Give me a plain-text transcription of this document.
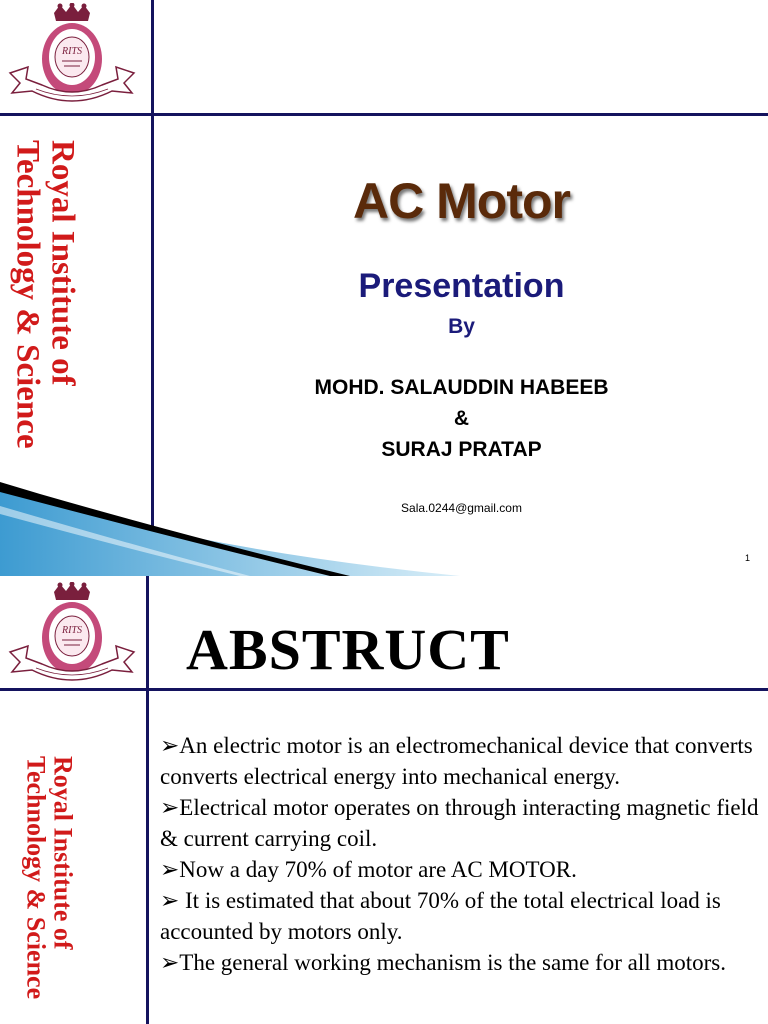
RITS
Royal Institute of
Technology & Science	AC Motor
Presentation
By
MOHD. SALAUDDIN HABEEB
&
SURAJ PRATAP
Sala.0244@gmail.com
1
RITS
Royal Institute of
Technology & Science
ABSTRUCT

➢An electric motor is an electromechanical device that converts converts electrical energy into mechanical energy.

➢Electrical motor operates on through interacting magnetic field & current carrying coil.

➢Now a day 70% of motor are AC MOTOR.

➢ It is estimated that about 70% of the total electrical load is accounted by motors only.

➢The general working mechanism is the same for all motors.
